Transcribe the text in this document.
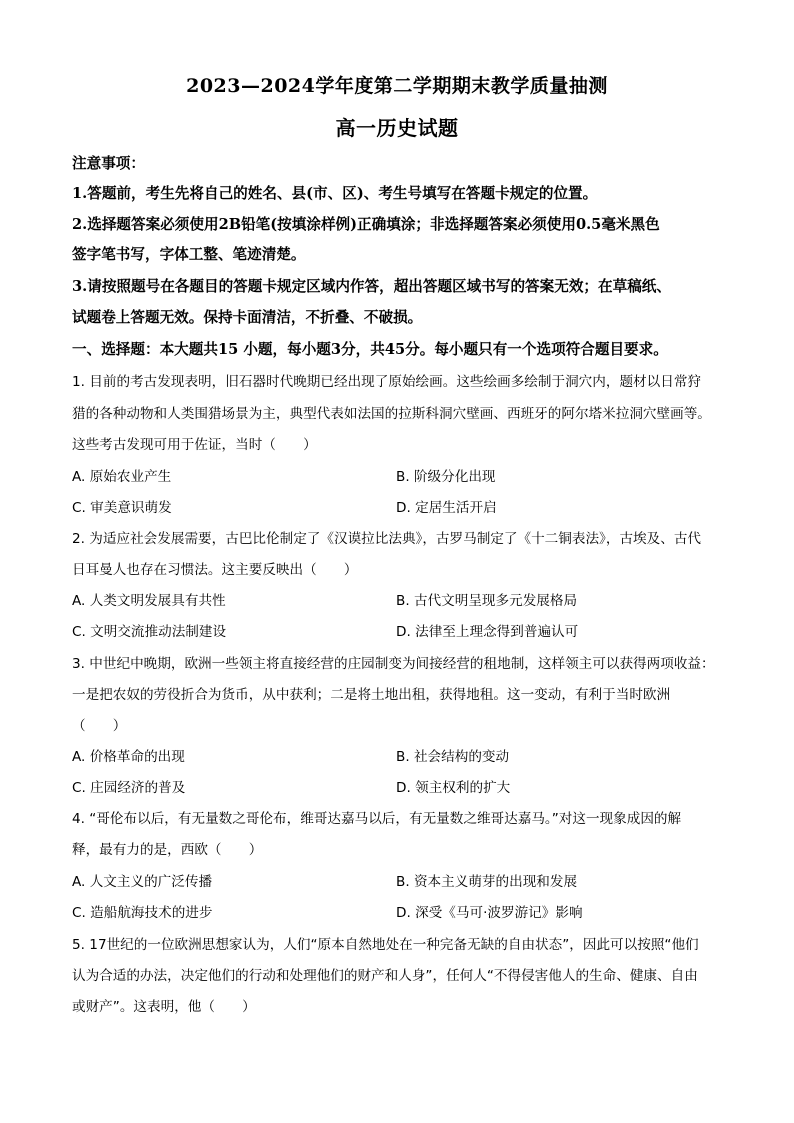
2023—2024学年度第二学期期末教学质量抽测
高一历史试题
注意事项：
1.答题前，考生先将自己的姓名、县(市、区)、考生号填写在答题卡规定的位置。
2.选择题答案必须使用2B铅笔(按填涂样例)正确填涂；非选择题答案必须使用0.5毫米黑色
签字笔书写，字体工整、笔迹清楚。
3.请按照题号在各题目的答题卡规定区域内作答，超出答题区域书写的答案无效；在草稿纸、
试题卷上答题无效。保持卡面清洁，不折叠、不破损。
一、选择题：本大题共15 小题，每小题3分，共45分。每小题只有一个选项符合题目要求。
1. 目前的考古发现表明，旧石器时代晚期已经出现了原始绘画。这些绘画多绘制于洞穴内，题材以日常狩
猎的各种动物和人类围猎场景为主，典型代表如法国的拉斯科洞穴壁画、西班牙的阿尔塔米拉洞穴壁画等。
这些考古发现可用于佐证，当时（　　）
A. 原始农业产生	B. 阶级分化出现
C. 审美意识萌发	D. 定居生活开启
2. 为适应社会发展需要，古巴比伦制定了《汉谟拉比法典》，古罗马制定了《十二铜表法》，古埃及、古代
日耳曼人也存在习惯法。这主要反映出（　　）
A. 人类文明发展具有共性	B. 古代文明呈现多元发展格局
C. 文明交流推动法制建设	D. 法律至上理念得到普遍认可
3. 中世纪中晚期，欧洲一些领主将直接经营的庄园制变为间接经营的租地制，这样领主可以获得两项收益：
一是把农奴的劳役折合为货币，从中获利；二是将土地出租，获得地租。这一变动，有利于当时欧洲
（　　）
A. 价格革命的出现	B. 社会结构的变动
C. 庄园经济的普及	D. 领主权利的扩大
4. “哥伦布以后，有无量数之哥伦布，维哥达嘉马以后，有无量数之维哥达嘉马。”对这一现象成因的解
释，最有力的是，西欧（　　）
A. 人文主义的广泛传播	B. 资本主义萌芽的出现和发展
C. 造船航海技术的进步	D. 深受《马可·波罗游记》影响
5. 17世纪的一位欧洲思想家认为，人们“原本自然地处在一种完备无缺的自由状态”，因此可以按照“他们
认为合适的办法，决定他们的行动和处理他们的财产和人身”，任何人“不得侵害他人的生命、健康、自由
或财产”。这表明，他（　　）
